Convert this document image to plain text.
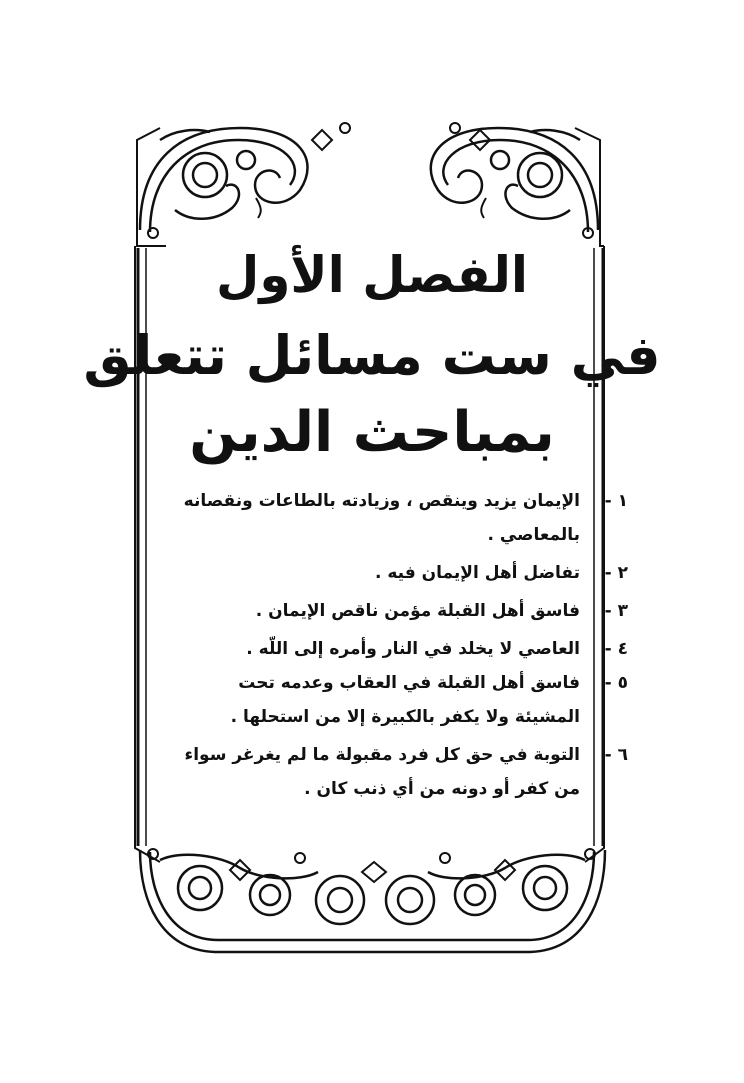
الفصل الأول
في ست مسائل تتعلق
بمباحث الدين
١ -
الإيمان يزيد وينقص ، وزيادته بالطاعات ونقصانه بالمعاصي .
٢ -
تفاضل أهل الإيمان فيه .
٣ -
فاسق أهل القبلة مؤمن ناقص الإيمان .
٤ -
العاصي لا يخلد في النار وأمره إلى اللّه .
٥ -
فاسق أهل القبلة في العقاب وعدمه تحت المشيئة ولا يكفر بالكبيرة إلا من استحلها .
٦ -
التوبة في حق كل فرد مقبولة ما لم يغرغر سواء من كفر أو دونه من أي ذنب كان .
